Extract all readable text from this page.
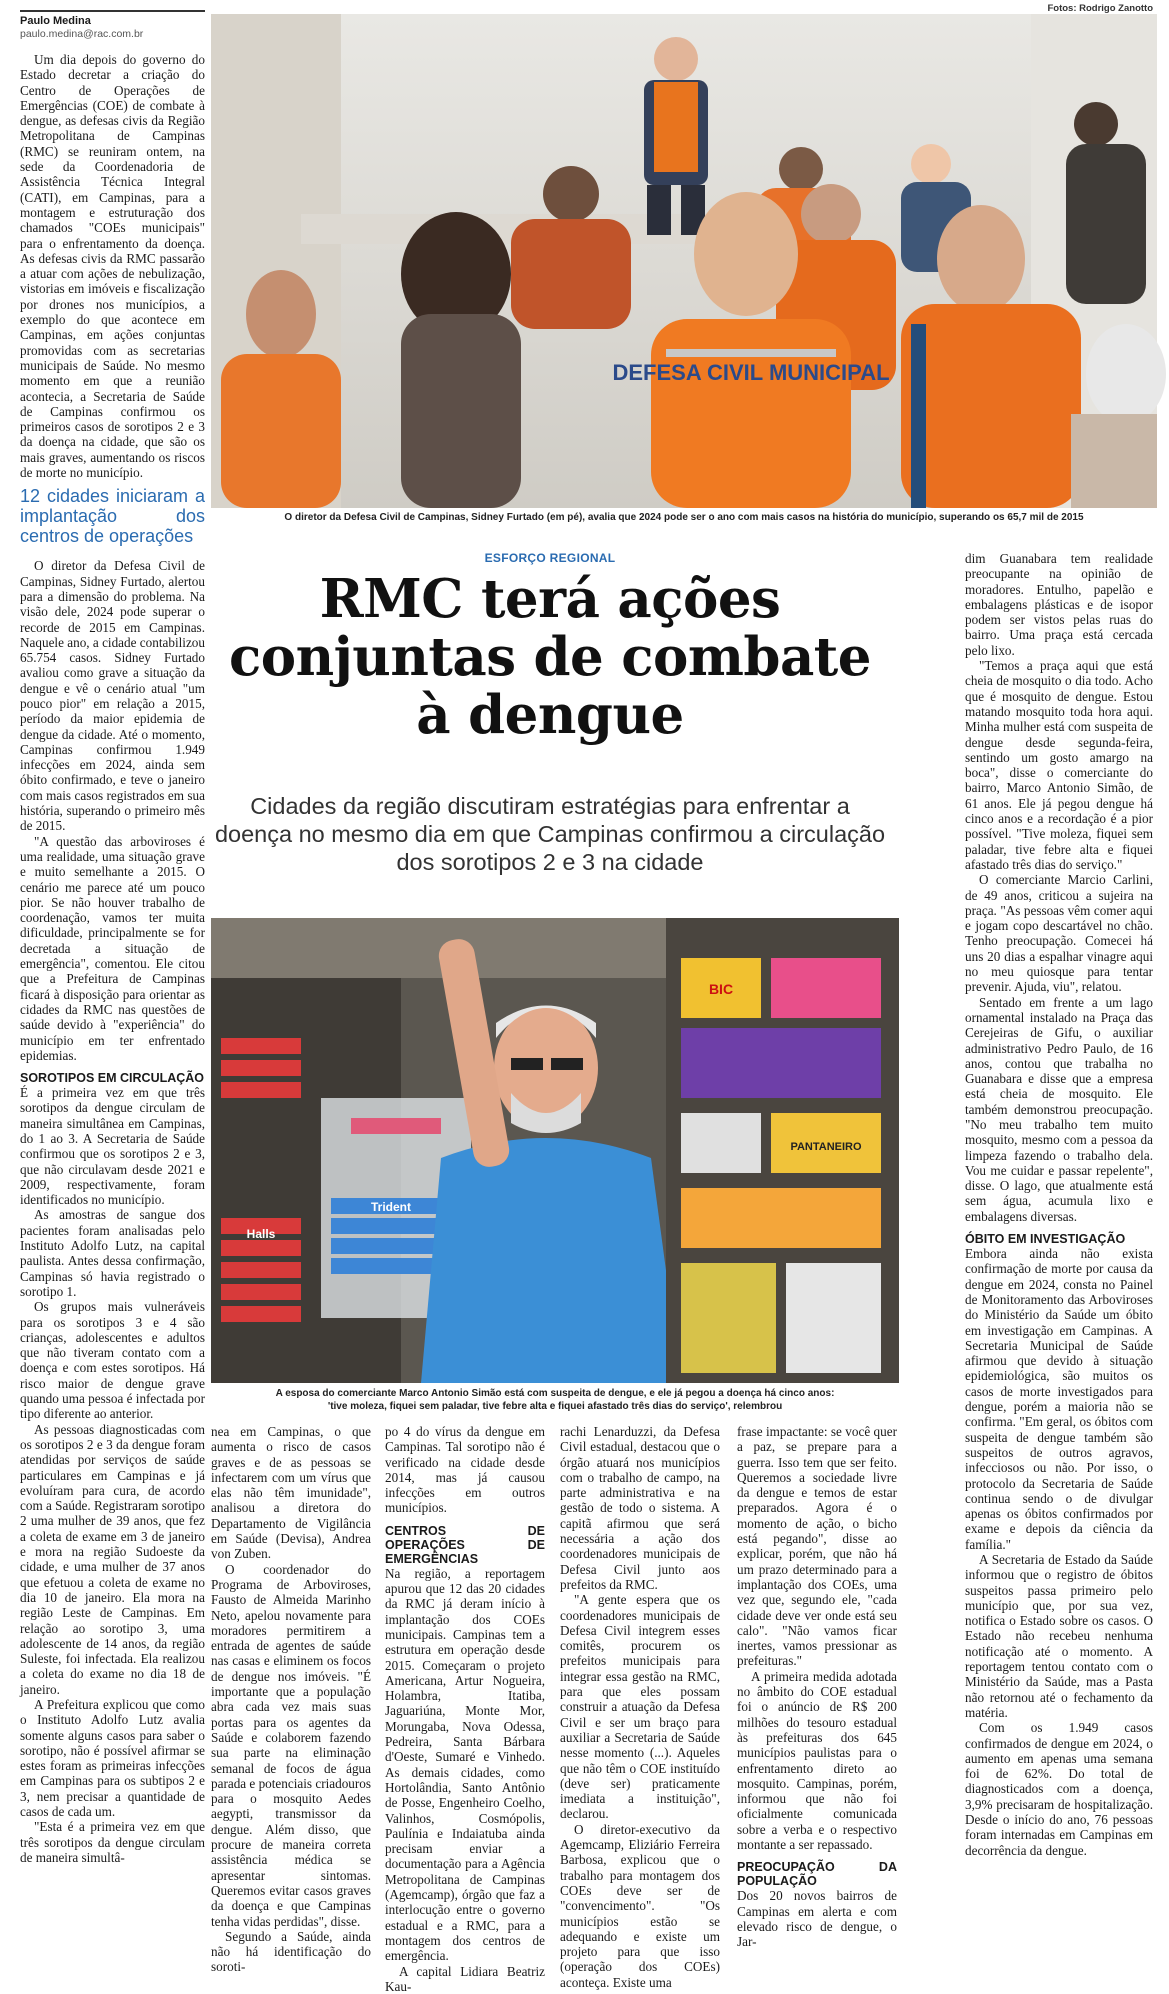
Paulo Medina
paulo.medina@rac.com.br
Fotos: Rodrigo Zanotto

Um dia depois do governo do Estado decretar a criação do Centro de Operações de Emergências (COE) de combate à dengue, as defesas civis da Região Metropolitana de Campinas (RMC) se reuniram ontem, na sede da Coordenadoria de Assistência Técnica Integral (CATI), em Campinas, para a montagem e estruturação dos chamados "COEs municipais" para o enfrentamento da doença. As defesas civis da RMC passarão a atuar com ações de nebulização, vistorias em imóveis e fiscalização por drones nos municípios, a exemplo do que acontece em Campinas, em ações conjuntas promovidas com as secretarias municipais de Saúde. No mesmo momento em que a reunião acontecia, a Secretaria de Saúde de Campinas confirmou os primeiros casos de sorotipos 2 e 3 da doença na cidade, que são os mais graves, aumentando os riscos de morte no município.

12 cidades iniciaram a implantação dos centros de operações

O diretor da Defesa Civil de Campinas, Sidney Furtado, alertou para a dimensão do problema. Na visão dele, 2024 pode superar o recorde de 2015 em Campinas. Naquele ano, a cidade contabilizou 65.754 casos. Sidney Furtado avaliou como grave a situação da dengue e vê o cenário atual "um pouco pior" em relação a 2015, período da maior epidemia de dengue da cidade. Até o momento, Campinas confirmou 1.949 infecções em 2024, ainda sem óbito confirmado, e teve o janeiro com mais casos registrados em sua história, superando o primeiro mês de 2015.

"A questão das arboviroses é uma realidade, uma situação grave e muito semelhante a 2015. O cenário me parece até um pouco pior. Se não houver trabalho de coordenação, vamos ter muita dificuldade, principalmente se for decretada a situação de emergência", comentou. Ele citou que a Prefeitura de Campinas ficará à disposição para orientar as cidades da RMC nas questões de saúde devido à "experiência" do município em ter enfrentado epidemias.

SOROTIPOS EM CIRCULAÇÃO

É a primeira vez em que três sorotipos da dengue circulam de maneira simultânea em Campinas, do 1 ao 3. A Secretaria de Saúde confirmou que os sorotipos 2 e 3, que não circulavam desde 2021 e 2009, respectivamente, foram identificados no município.

As amostras de sangue dos pacientes foram analisadas pelo Instituto Adolfo Lutz, na capital paulista. Antes dessa confirmação, Campinas só havia registrado o sorotipo 1.

Os grupos mais vulneráveis para os sorotipos 3 e 4 são crianças, adolescentes e adultos que não tiveram contato com a doença e com estes sorotipos. Há risco maior de dengue grave quando uma pessoa é infectada por tipo diferente ao anterior.

As pessoas diagnosticadas com os sorotipos 2 e 3 da dengue foram atendidas por serviços de saúde particulares em Campinas e já evoluíram para cura, de acordo com a Saúde. Registraram sorotipo 2 uma mulher de 39 anos, que fez a coleta de exame em 3 de janeiro e mora na região Sudoeste da cidade, e uma mulher de 37 anos que efetuou a coleta de exame no dia 10 de janeiro. Ela mora na região Leste de Campinas. Em relação ao sorotipo 3, uma adolescente de 14 anos, da região Suleste, foi infectada. Ela realizou a coleta do exame no dia 18 de janeiro.

A Prefeitura explicou que como o Instituto Adolfo Lutz avalia somente alguns casos para saber o sorotipo, não é possível afirmar se estes foram as primeiras infecções em Campinas para os subtipos 2 e 3, nem precisar a quantidade de casos de cada um.

"Esta é a primeira vez em que três sorotipos da dengue circulam de maneira simultâ-

DEFESA CIVIL MUNICIPAL
O diretor da Defesa Civil de Campinas, Sidney Furtado (em pé), avalia que 2024 pode ser o ano com mais casos na história do município, superando os 65,7 mil de 2015
ESFORÇO REGIONAL
RMC terá ações conjuntas de combate à dengue
Cidades da região discutiram estratégias para enfrentar a doença no mesmo dia em que Campinas confirmou a circulação dos sorotipos 2 e 3 na cidade
Halls
Trident
BIC
PANTANEIRO
A esposa do comerciante Marco Antonio Simão está com suspeita de dengue, e ele já pegou a doença há cinco anos:
'tive moleza, fiquei sem paladar, tive febre alta e fiquei afastado três dias do serviço', relembrou

nea em Campinas, o que aumenta o risco de casos graves e de as pessoas se infectarem com um vírus que elas não têm imunidade", analisou a diretora do Departamento de Vigilância em Saúde (Devisa), Andrea von Zuben.

O coordenador do Programa de Arboviroses, Fausto de Almeida Marinho Neto, apelou novamente para moradores permitirem a entrada de agentes de saúde nas casas e eliminem os focos de dengue nos imóveis. "É importante que a população abra cada vez mais suas portas para os agentes da Saúde e colaborem fazendo sua parte na eliminação semanal de focos de água parada e potenciais criadouros para o mosquito Aedes aegypti, transmissor da dengue. Além disso, que procure de maneira correta assistência médica se apresentar sintomas. Queremos evitar casos graves da doença e que Campinas tenha vidas perdidas", disse.

Segundo a Saúde, ainda não há identificação do soroti-

po 4 do vírus da dengue em Campinas. Tal sorotipo não é verificado na cidade desde 2014, mas já causou infecções em outros municípios.

CENTROS DE OPERAÇÕES DE EMERGÊNCIAS

Na região, a reportagem apurou que 12 das 20 cidades da RMC já deram início à implantação dos COEs municipais. Campinas tem a estrutura em operação desde 2015. Começaram o projeto Americana, Artur Nogueira, Holambra, Itatiba, Jaguariúna, Monte Mor, Morungaba, Nova Odessa, Pedreira, Santa Bárbara d'Oeste, Sumaré e Vinhedo. As demais cidades, como Hortolândia, Santo Antônio de Posse, Engenheiro Coelho, Valinhos, Cosmópolis, Paulínia e Indaiatuba ainda precisam enviar a documentação para a Agência Metropolitana de Campinas (Agemcamp), órgão que faz a interlocução entre o governo estadual e a RMC, para a montagem dos centros de emergência.

A capital Lidiara Beatriz Kau-

rachi Lenarduzzi, da Defesa Civil estadual, destacou que o órgão atuará nos municípios com o trabalho de campo, na parte administrativa e na gestão de todo o sistema. A capitã afirmou que será necessária a ação dos coordenadores municipais de Defesa Civil junto aos prefeitos da RMC.

"A gente espera que os coordenadores municipais de Defesa Civil integrem esses comitês, procurem os prefeitos municipais para integrar essa gestão na RMC, para que eles possam construir a atuação da Defesa Civil e ser um braço para auxiliar a Secretaria de Saúde nesse momento (...). Aqueles que não têm o COE instituído (deve ser) praticamente imediata a instituição", declarou.

O diretor-executivo da Agemcamp, Eliziário Ferreira Barbosa, explicou que o trabalho para montagem dos COEs deve ser de "convencimento". "Os municípios estão se adequando e existe um projeto para que isso (operação dos COEs) aconteça. Existe uma

frase impactante: se você quer a paz, se prepare para a guerra. Isso tem que ser feito. Queremos a sociedade livre da dengue e temos de estar preparados. Agora é o momento de ação, o bicho está pegando", disse ao explicar, porém, que não há um prazo determinado para a implantação dos COEs, uma vez que, segundo ele, "cada cidade deve ver onde está seu calo". "Não vamos ficar inertes, vamos pressionar as prefeituras."

A primeira medida adotada no âmbito do COE estadual foi o anúncio de R$ 200 milhões do tesouro estadual às prefeituras dos 645 municípios paulistas para o enfrentamento direto ao mosquito. Campinas, porém, informou que não foi oficialmente comunicada sobre a verba e o respectivo montante a ser repassado.

PREOCUPAÇÃO DA POPULAÇÃO

Dos 20 novos bairros de Campinas em alerta e com elevado risco de dengue, o Jar-

dim Guanabara tem realidade preocupante na opinião de moradores. Entulho, papelão e embalagens plásticas e de isopor podem ser vistos pelas ruas do bairro. Uma praça está cercada pelo lixo.

"Temos a praça aqui que está cheia de mosquito o dia todo. Acho que é mosquito de dengue. Estou matando mosquito toda hora aqui. Minha mulher está com suspeita de dengue desde segunda-feira, sentindo um gosto amargo na boca", disse o comerciante do bairro, Marco Antonio Simão, de 61 anos. Ele já pegou dengue há cinco anos e a recordação é a pior possível. "Tive moleza, fiquei sem paladar, tive febre alta e fiquei afastado três dias do serviço."

O comerciante Marcio Carlini, de 49 anos, criticou a sujeira na praça. "As pessoas vêm comer aqui e jogam copo descartável no chão. Tenho preocupação. Comecei há uns 20 dias a espalhar vinagre aqui no meu quiosque para tentar prevenir. Ajuda, viu", relatou.

Sentado em frente a um lago ornamental instalado na Praça das Cerejeiras de Gifu, o auxiliar administrativo Pedro Paulo, de 16 anos, contou que trabalha no Guanabara e disse que a empresa está cheia de mosquito. Ele também demonstrou preocupação. "No meu trabalho tem muito mosquito, mesmo com a pessoa da limpeza fazendo o trabalho dela. Vou me cuidar e passar repelente", disse. O lago, que atualmente está sem água, acumula lixo e embalagens diversas.

ÓBITO EM INVESTIGAÇÃO

Embora ainda não exista confirmação de morte por causa da dengue em 2024, consta no Painel de Monitoramento das Arboviroses do Ministério da Saúde um óbito em investigação em Campinas. A Secretaria Municipal de Saúde afirmou que devido à situação epidemiológica, são muitos os casos de morte investigados para dengue, porém a maioria não se confirma. "Em geral, os óbitos com suspeita de dengue também são suspeitos de outros agravos, infecciosos ou não. Por isso, o protocolo da Secretaria de Saúde continua sendo o de divulgar apenas os óbitos confirmados por exame e depois da ciência da família."

A Secretaria de Estado da Saúde informou que o registro de óbitos suspeitos passa primeiro pelo município que, por sua vez, notifica o Estado sobre os casos. O Estado não recebeu nenhuma notificação até o momento. A reportagem tentou contato com o Ministério da Saúde, mas a Pasta não retornou até o fechamento da matéria.

Com os 1.949 casos confirmados de dengue em 2024, o aumento em apenas uma semana foi de 62%. Do total de diagnosticados com a doença, 3,9% precisaram de hospitalização. Desde o início do ano, 76 pessoas foram internadas em Campinas em decorrência da dengue.
